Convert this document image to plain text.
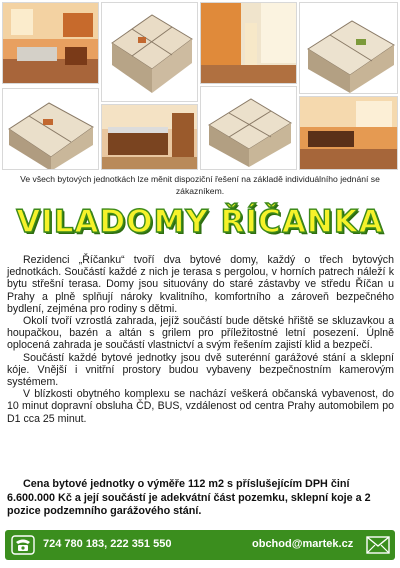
Ve všech bytových jednotkách lze měnit dispoziční řešení na základě individuálního jednání se zákazníkem.
VILADOMY ŘÍČANKA

Rezidenci „Říčanku“ tvoří dva bytové domy, každý o třech bytových jednotkách. Součástí každé z nich je terasa s pergolou, v horních patrech náleží k bytu střešní terasa. Domy jsou situovány do staré zástavby ve středu Říčan u Prahy a plně splňují nároky kvalitního, komfortního a zároveň bezpečného bydlení, zejména pro rodiny s dětmi.

Okolí tvoří vzrostlá zahrada, jejíž součástí bude dětské hřiště se skluzavkou a houpačkou, bazén a altán s grilem pro příležitostné letní posezení. Úplně oplocená zahrada je součástí vlastnictví a svým řešením zajistí klid a bezpečí.

Součástí každé bytové jednotky jsou dvě suterénní garážové stání a sklepní kóje. Vnější i vnitřní prostory budou vybaveny bezpečnostním kamerovým systémem.

V blízkosti obytného komplexu se nachází veškerá občanská vybavenost, do 10 minut dopravní obsluha ČD, BUS, vzdálenost od centra Prahy automobilem po D1 cca 25 minut.

Cena bytové jednotky o výměře 112 m2 s příslušejícím DPH činí 6.600.000 Kč a její součástí je adekvátní část pozemku, sklepní koje a 2 pozice podzemního garážového stání.

724 780 183, 222 351 550	obchod@martek.cz
